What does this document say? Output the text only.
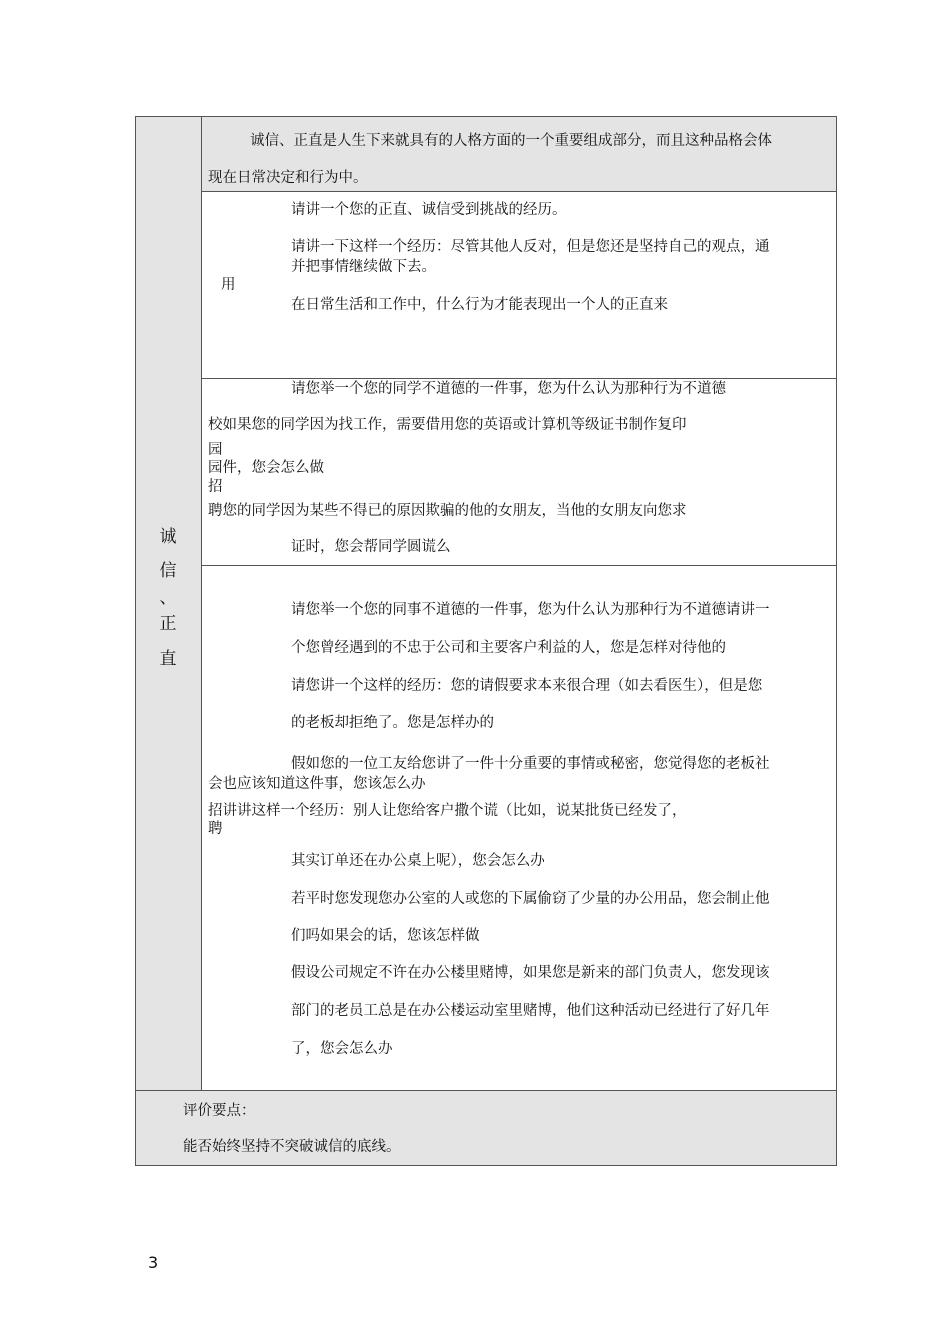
诚
信
、
正
直
诚信、正直是人生下来就具有的人格方面的一个重要组成部分，而且这种品格会体
现在日常决定和行为中。
用
请讲一个您的正直、诚信受到挑战的经历。
请讲一下这样一个经历：尽管其他人反对，但是您还是坚持自己的观点，通
并把事情继续做下去。
在日常生活和工作中，什么行为才能表现出一个人的正直来
请您举一个您的同学不道德的一件事，您为什么认为那种行为不道德
校如果您的同学因为找工作，需要借用您的英语或计算机等级证书制作复印
园
园件，您会怎么做
招
聘您的同学因为某些不得已的原因欺骗的他的女朋友，当他的女朋友向您求
证时，您会帮同学圆谎么
请您举一个您的同事不道德的一件事，您为什么认为那种行为不道德请讲一
个您曾经遇到的不忠于公司和主要客户利益的人，您是怎样对待他的
请您讲一个这样的经历：您的请假要求本来很合理（如去看医生），但是您
的老板却拒绝了。您是怎样办的
假如您的一位工友给您讲了一件十分重要的事情或秘密，您觉得您的老板社
会也应该知道这件事，您该怎么办
招讲讲这样一个经历：别人让您给客户撒个谎（比如，说某批货已经发了，
聘
其实订单还在办公桌上呢），您会怎么办
若平时您发现您办公室的人或您的下属偷窃了少量的办公用品，您会制止他
们吗如果会的话，您该怎样做
假设公司规定不许在办公楼里赌博，如果您是新来的部门负责人，您发现该
部门的老员工总是在办公楼运动室里赌博，他们这种活动已经进行了好几年
了，您会怎么办
评价要点：
能否始终坚持不突破诚信的底线。
3
